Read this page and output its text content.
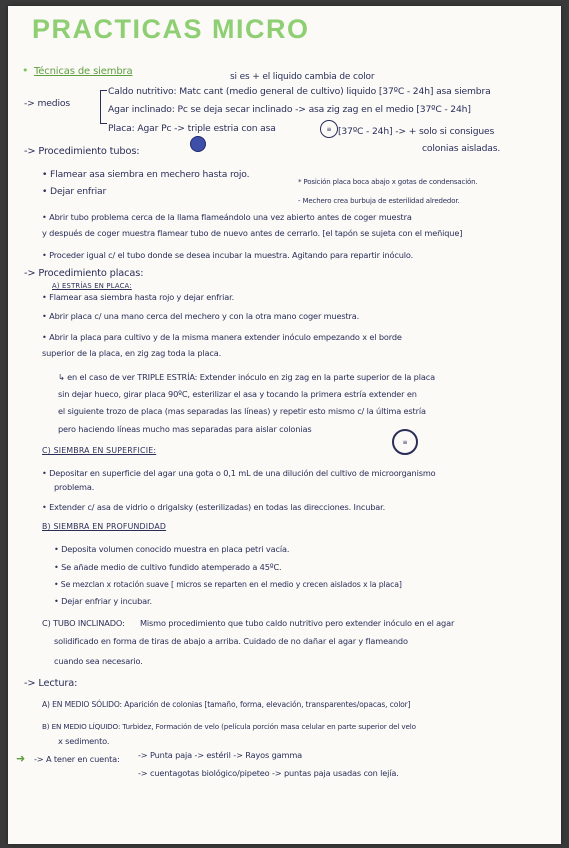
PRACTICAS MICRO
• Técnicas de siembra	si es + el liquido cambia de color
-> medios
Caldo nutritivo: Matc cant (medio general de cultivo) liquido [37ºC - 24h] asa siembra
Agar inclinado: Pc se deja secar inclinado -> asa zig zag en el medio [37ºC - 24h]
Placa: Agar Pc -> triple estria con asa	≡ [37ºC - 24h] -> + solo si consigues
colonias aisladas.
-> Procedimiento tubos:
• Flamear asa siembra en mechero hasta rojo.
* Posición placa boca abajo x gotas de condensación.
• Dejar enfriar
- Mechero crea burbuja de esterilidad alrededor.
• Abrir tubo problema cerca de la llama flameándolo una vez abierto antes de coger muestra
y después de coger muestra flamear tubo de nuevo antes de cerrarlo. [el tapón se sujeta con el meñique]
• Proceder igual c/ el tubo donde se desea incubar la muestra. Agitando para repartir inóculo.
-> Procedimiento placas:
A) ESTRÍAS EN PLACA:
• Flamear asa siembra hasta rojo y dejar enfriar.
• Abrir placa c/ una mano cerca del mechero y con la otra mano coger muestra.
• Abrir la placa para cultivo y de la misma manera extender inóculo empezando x el borde
superior de la placa, en zig zag toda la placa.
↳ en el caso de ver TRIPLE ESTRÍA: Extender inóculo en zig zag en la parte superior de la placa
sin dejar hueco, girar placa 90ºC, esterilizar el asa y tocando la primera estría extender en
el siguiente trozo de placa (mas separadas las líneas) y repetir esto mismo c/ la última estría
pero haciendo líneas mucho mas separadas para aislar colonias
≡
C) SIEMBRA EN SUPERFICIE:
• Depositar en superficie del agar una gota o 0,1 mL de una dilución del cultivo de microorganismo
problema.
• Extender c/ asa de vidrio o drigalsky (esterilizadas) en todas las direcciones. Incubar.
B) SIEMBRA EN PROFUNDIDAD
• Deposita volumen conocido muestra en placa petri vacía.
• Se añade medio de cultivo fundido atemperado a 45ºC.
• Se mezclan x rotación suave [ micros se reparten en el medio y crecen aislados x la placa]
• Dejar enfriar y incubar.
C) TUBO INCLINADO: Mismo procedimiento que tubo caldo nutritivo pero extender inóculo en el agar
solidificado en forma de tiras de abajo a arriba. Cuidado de no dañar el agar y flameando
cuando sea necesario.
-> Lectura:
A) EN MEDIO SÓLIDO: Aparición de colonias [tamaño, forma, elevación, transparentes/opacas, color]
B) EN MEDIO LÍQUIDO: Turbidez, Formación de velo (película porción masa celular en parte superior del velo
x sedimento.
➜ -> A tener en cuenta: -> Punta paja -> estéril -> Rayos gamma
-> cuentagotas biológico/pipeteo -> puntas paja usadas con lejía.
